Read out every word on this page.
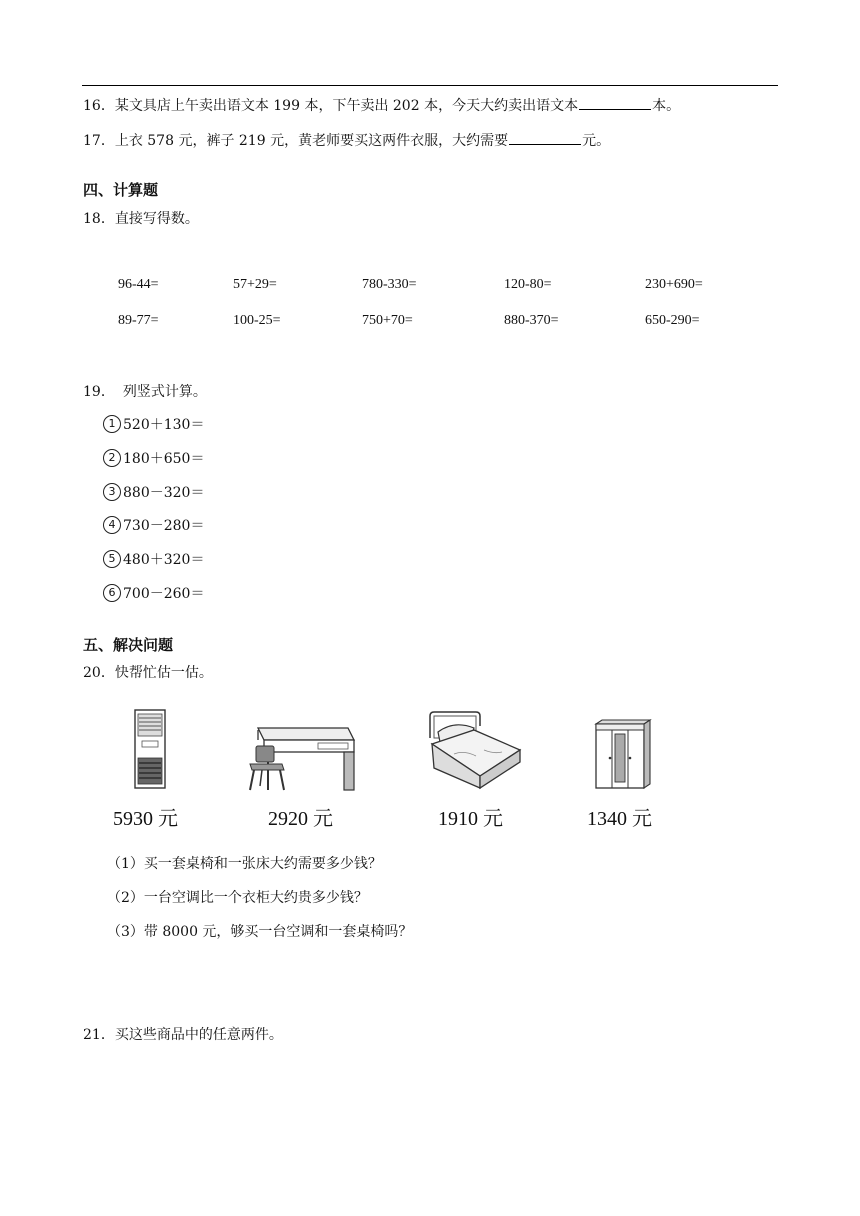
16．某文具店上午卖出语文本 199 本，下午卖出 202 本，今天大约卖出语文本	本。
17．上衣 578 元，裤子 219 元，黄老师要买这两件衣服，大约需要	元。
四、计算题
18．直接写得数。
96-44=	57+29=	780-330=	120-80=	230+690=
89-77=	100-25=	750+70=	880-370=	650-290=
19． 列竖式计算。
1 520＋130＝
2 180＋650＝
3 880－320＝
4 730－280＝
5 480＋320＝
6 700－260＝
五、解决问题
20．快帮忙估一估。
5930 元	2920 元	1910 元	1340 元
（1）买一套桌椅和一张床大约需要多少钱？
（2）一台空调比一个衣柜大约贵多少钱？
（3）带 8000 元，够买一台空调和一套桌椅吗？
21．买这些商品中的任意两件。
